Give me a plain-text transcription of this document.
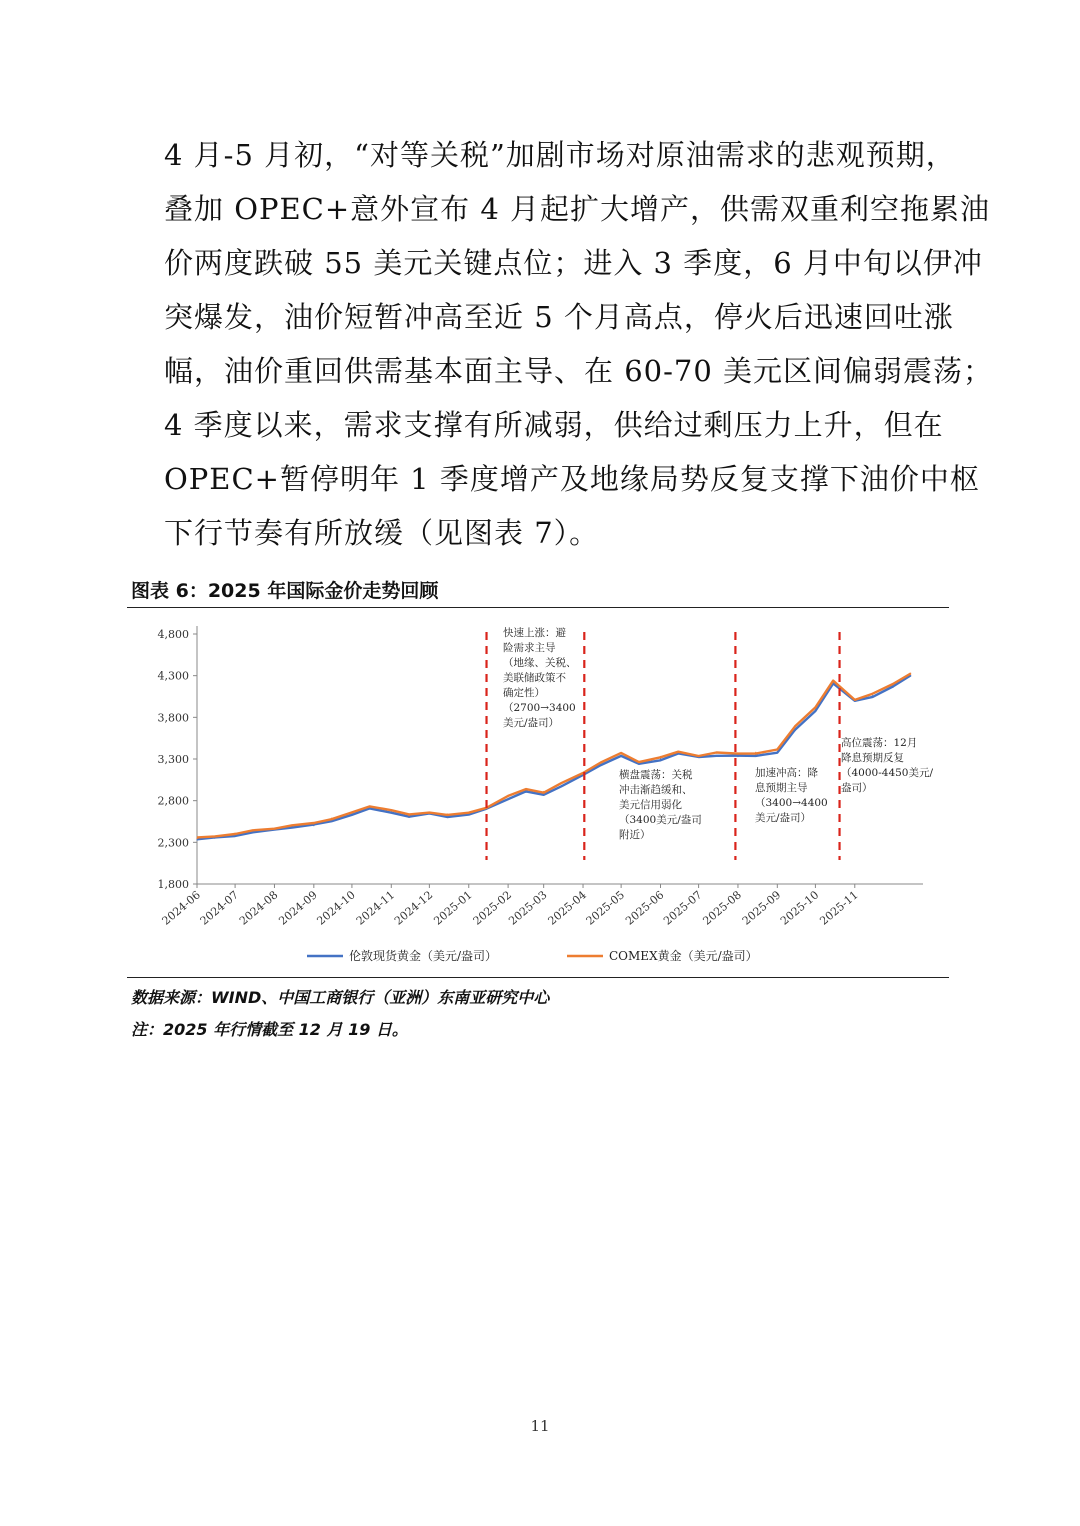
4 月-5 月初，“对等关税”加剧市场对原油需求的悲观预期，
叠加 OPEC+意外宣布 4 月起扩大增产，供需双重利空拖累油
价两度跌破 55 美元关键点位；进入 3 季度，6 月中旬以伊冲
突爆发，油价短暂冲高至近 5 个月高点，停火后迅速回吐涨
幅，油价重回供需基本面主导、在 60-70 美元区间偏弱震荡；
4 季度以来，需求支撑有所减弱，供给过剩压力上升，但在
OPEC+暂停明年 1 季度增产及地缘局势反复支撑下油价中枢
下行节奏有所放缓（见图表 7）。
图表 6：2025 年国际金价走势回顾
1,800
2,300
2,800
3,300
3,800
4,300
4,800
2024-06
2024-07
2024-08
2024-09
2024-10
2024-11
2024-12
2025-01
2025-02
2025-03
2025-04
2025-05
2025-06
2025-07
2025-08
2025-09
2025-10
2025-11
快速上涨：避
险需求主导
（地缘、关税、
美联储政策不
确定性）
（2700→3400
美元/盎司）
横盘震荡：关税
冲击渐趋缓和、
美元信用弱化
（3400美元/盎司
附近）
加速冲高：降
息预期主导
（3400→4400
美元/盎司）
高位震荡：12月
降息预期反复
（4000-4450美元/
盎司）
伦敦现货黄金（美元/盎司）	COMEX黄金（美元/盎司）
数据来源：WIND、中国工商银行（亚洲）东南亚研究中心
注：2025 年行情截至 12 月 19 日。
11
